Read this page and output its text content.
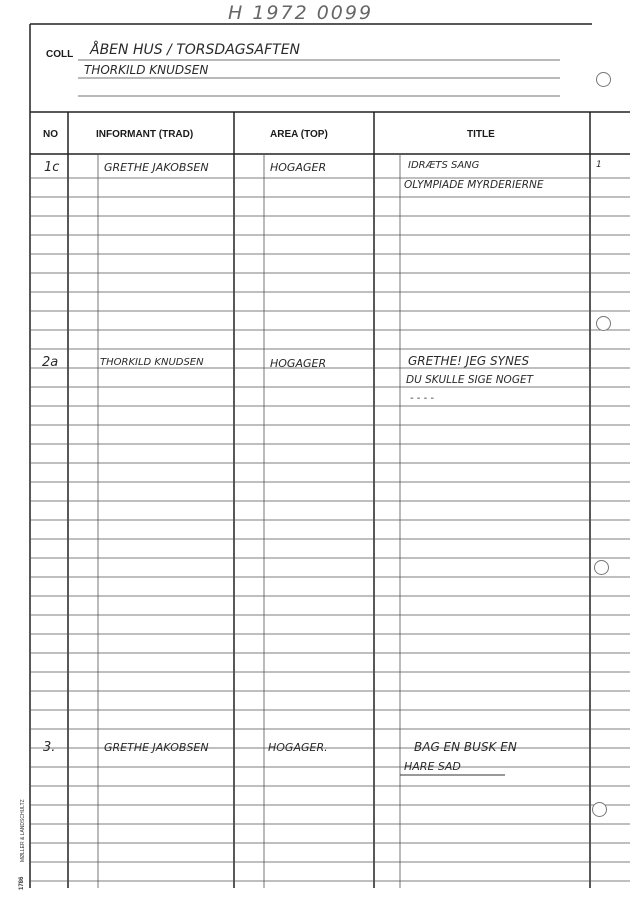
H 1972 0099
COLL ÅBEN HUS / TORSDAGSAFTEN
THORKILD KNUDSEN
NO	INFORMANT (TRAD)	AREA (TOP)	TITLE
1c	GRETHE JAKOBSEN	HOGAGER	IDRÆTS SANG
OLYMPIADE MYRDERIERNE
1
2a	THORKILD KNUDSEN	HOGAGER	GRETHE! JEG SYNES
DU SKULLE SIGE NOGET
- - - -
3.	GRETHE JAKOBSEN	HOGAGER.	BAG EN BUSK EN
HARE SAD
MØLLER & LANDSCHULTZ
1786
